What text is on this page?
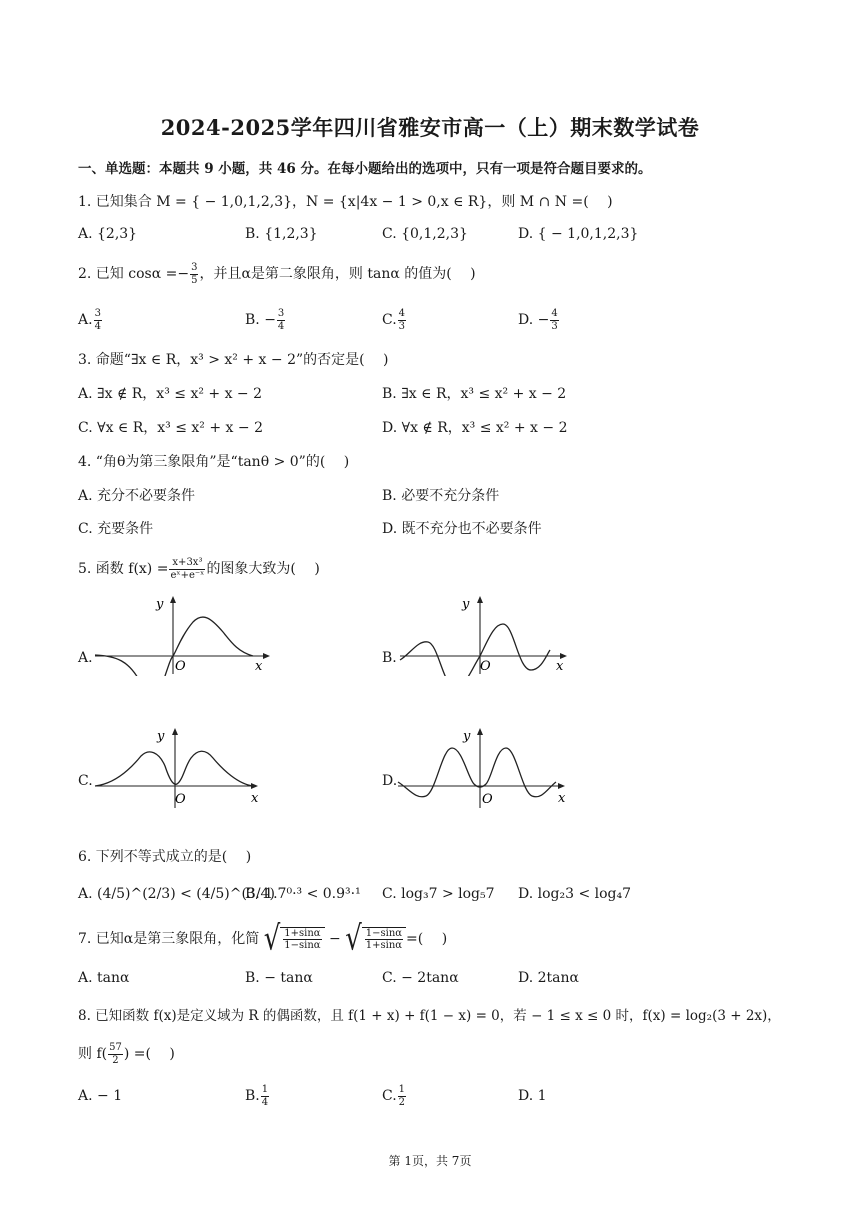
2024-2025学年四川省雅安市高一（上）期末数学试卷
一、单选题：本题共 9 小题，共 46 分。在每小题给出的选项中，只有一项是符合题目要求的。
1. 已知集合 M = { − 1,0,1,2,3}，N = {x|4x − 1 > 0,x ∈ R}，则 M ∩ N =(　 )
A. {2,3}	B. {1,2,3}	C. {0,1,2,3}	D. { − 1,0,1,2,3}
2. 已知 $\cos\alpha =- \frac{3}{5}$ ，并且α是第二象限角，则 tanα 的值为(　 )
A. $\frac{3}{4}$	B. − $\frac{3}{4}$	C. $\frac{4}{3}$	D. − $\frac{4}{3}$
3. 命题“∃x ∈ R，x³ > x² + x − 2”的否定是(　 )
A. ∃x ∉ R，x³ ≤ x² + x − 2	B. ∃x ∈ R，x³ ≤ x² + x − 2
C. ∀x ∈ R，x³ ≤ x² + x − 2	D. ∀x ∉ R，x³ ≤ x² + x − 2
4. “角θ为第三象限角”是“tanθ > 0”的(　 )
A. 充分不必要条件	B. 必要不充分条件
C. 充要条件	D. 既不充分也不必要条件
5. 函数 $f(x) = \frac{\text{x+3x³}}{\text{eˣ+e⁻ˣ}}$ 的图象大致为(　 )
A.
y
x
O
B.
y
x
O
C.
y
x
O
D.
y
x
O
6. 下列不等式成立的是(　 )
A. (4/5)^(2/3) < (4/5)^(3/4)
B. 1.7⁰·³ < 0.9³·¹ C. log₃7 > log₅7 D. log₂3 < log₄7
7. 已知α是第三象限角，化简 √ $\frac{1+\sin\alpha}{1-\sin\alpha}$ − √ $\frac{1-\sin\alpha}{1+\sin\alpha}$ =(　 )
A. tanα	B. − tanα	C. − 2tanα	D. 2tanα
8. 已知函数 f(x)是定义域为 R 的偶函数，且 f(1 + x) + f(1 − x) = 0，若 − 1 ≤ x ≤ 0 时，f(x) = log₂(3 + 2x)，
则 $f( \frac{57}{2}$ ) =(　 )
A. − 1	B. $\frac{1}{4}$	C. $\frac{1}{2}$	D. 1
第 1页，共 7页
